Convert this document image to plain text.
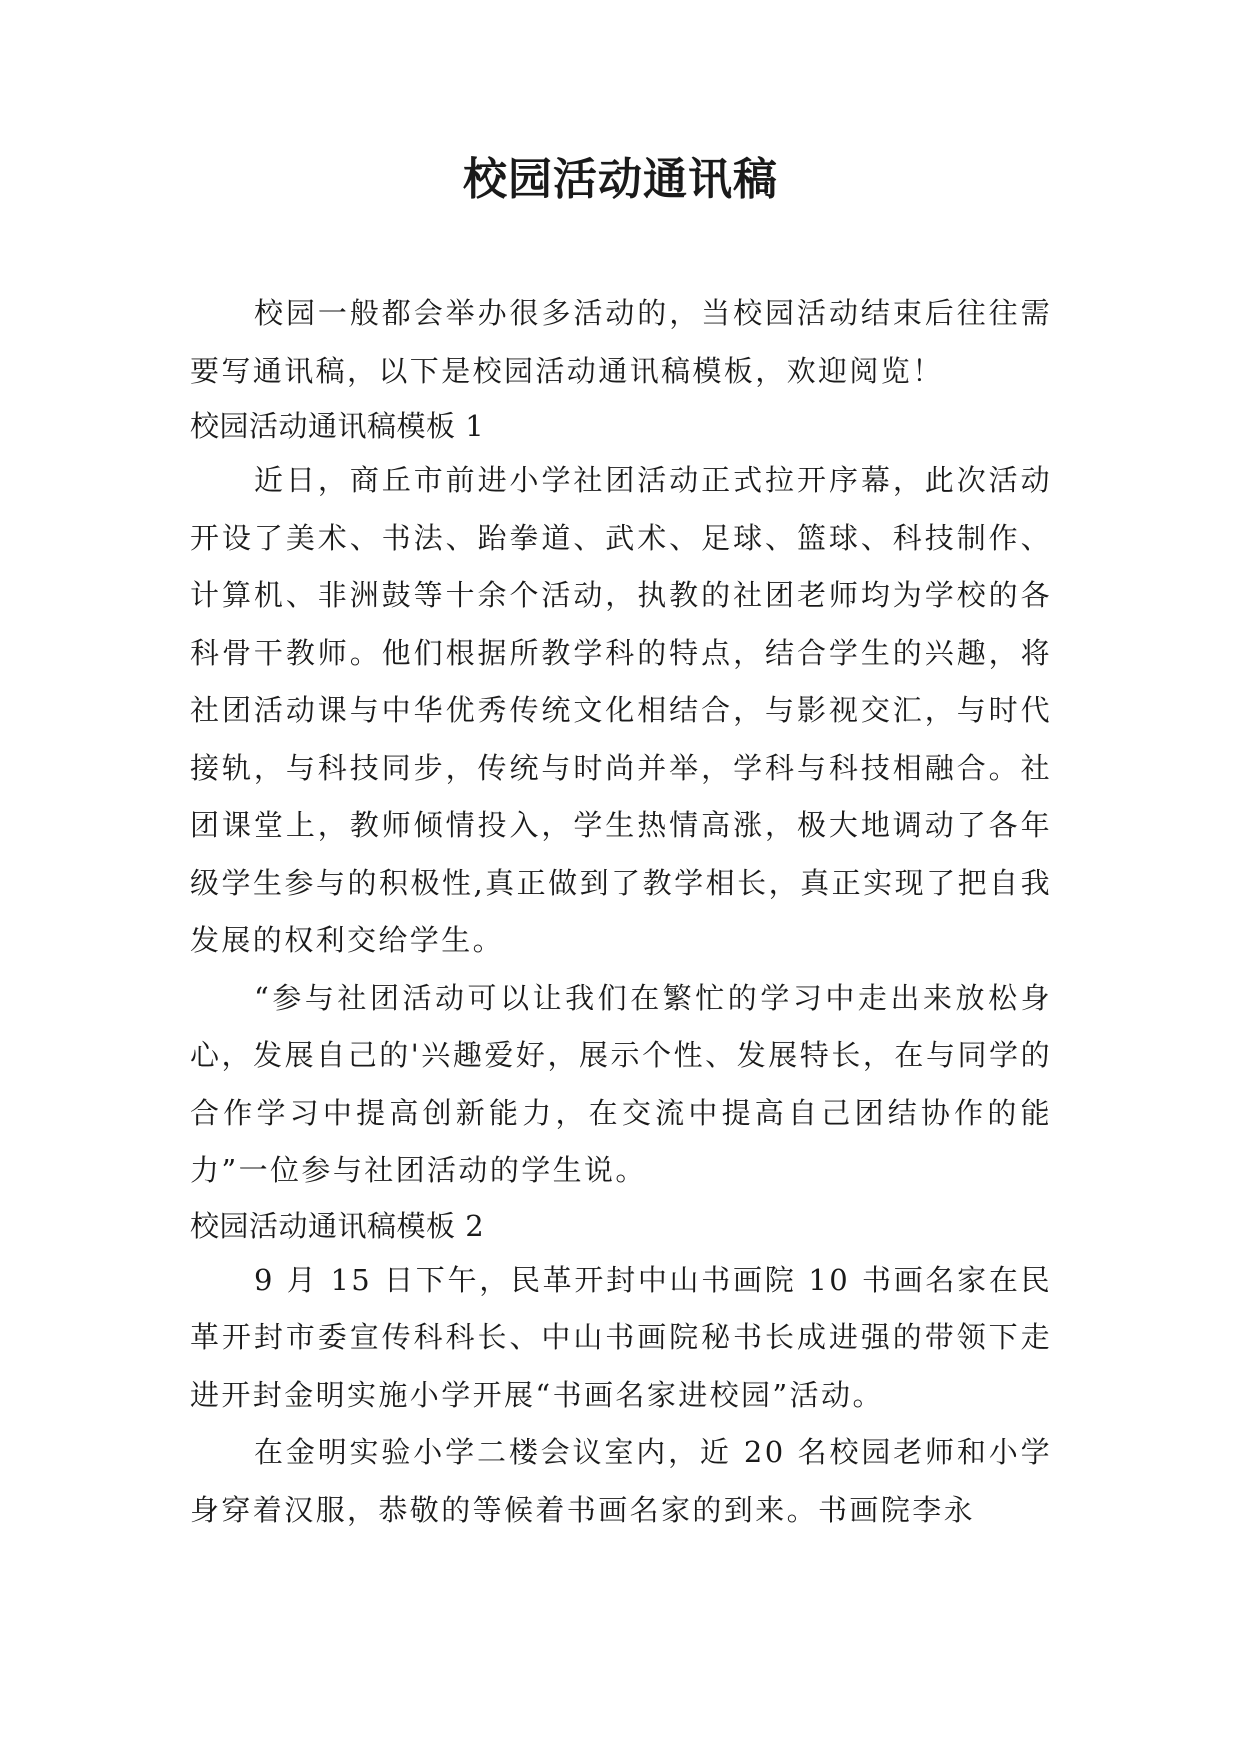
校园活动通讯稿

校园一般都会举办很多活动的，当校园活动结束后往往需要写通讯稿，以下是校园活动通讯稿模板，欢迎阅览！

校园活动通讯稿模板 1

近日，商丘市前进小学社团活动正式拉开序幕，此次活动开设了美术、书法、跆拳道、武术、足球、篮球、科技制作、计算机、非洲鼓等十余个活动，执教的社团老师均为学校的各科骨干教师。他们根据所教学科的特点，结合学生的兴趣，将社团活动课与中华优秀传统文化相结合，与影视交汇，与时代接轨，与科技同步，传统与时尚并举，学科与科技相融合。社团课堂上，教师倾情投入，学生热情高涨，极大地调动了各年级学生参与的积极性,真正做到了教学相长，真正实现了把自我发展的权利交给学生。

“参与社团活动可以让我们在繁忙的学习中走出来放松身心，发展自己的'兴趣爱好，展示个性、发展特长，在与同学的合作学习中提高创新能力，在交流中提高自己团结协作的能力”一位参与社团活动的学生说。

校园活动通讯稿模板 2

9 月 15 日下午，民革开封中山书画院 10 书画名家在民革开封市委宣传科科长、中山书画院秘书长成进强的带领下走进开封金明实施小学开展“书画名家进校园”活动。

在金明实验小学二楼会议室内，近 20 名校园老师和小学身穿着汉服，恭敬的等候着书画名家的到来。书画院李永
